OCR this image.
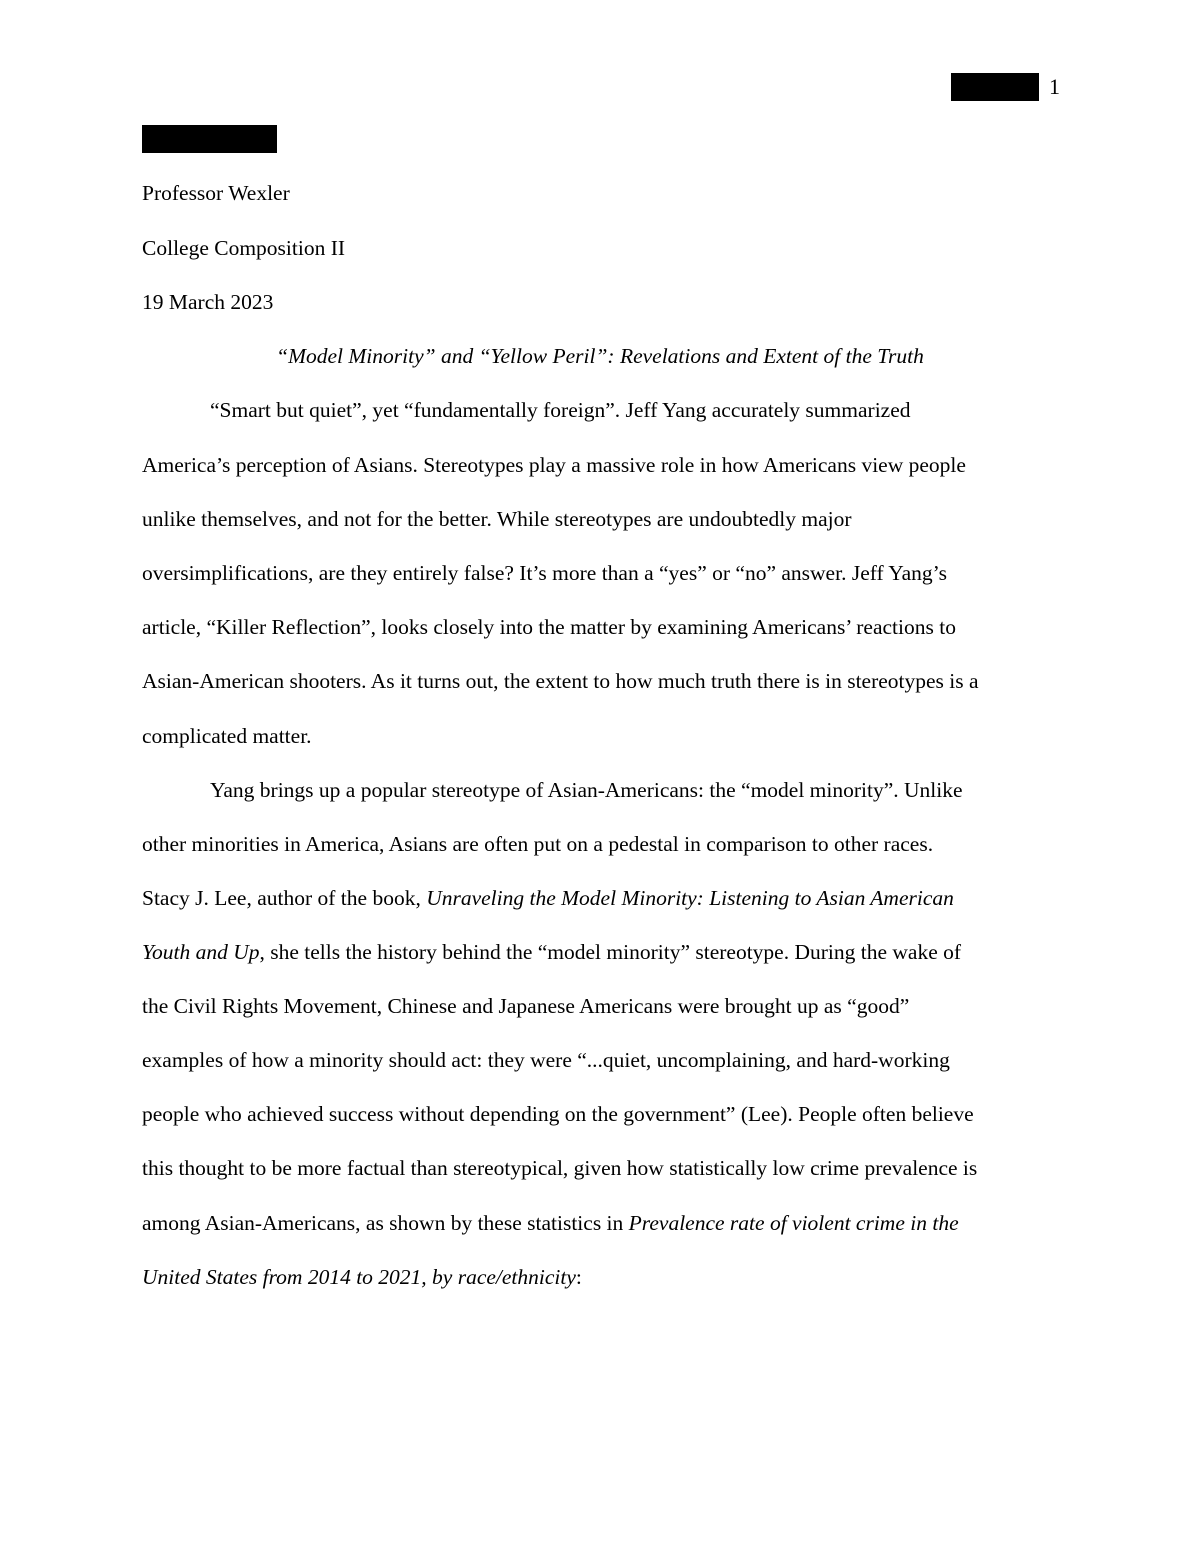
1
Professor Wexler
College Composition II
19 March 2023
“Model Minority” and “Yellow Peril”: Revelations and Extent of the Truth
“Smart but quiet”, yet “fundamentally foreign”. Jeff Yang accurately summarized
America’s perception of Asians. Stereotypes play a massive role in how Americans view people
unlike themselves, and not for the better. While stereotypes are undoubtedly major
oversimplifications, are they entirely false? It’s more than a “yes” or “no” answer. Jeff Yang’s
article, “Killer Reflection”, looks closely into the matter by examining Americans’ reactions to
Asian-American shooters. As it turns out, the extent to how much truth there is in stereotypes is a
complicated matter.
Yang brings up a popular stereotype of Asian-Americans: the “model minority”. Unlike
other minorities in America, Asians are often put on a pedestal in comparison to other races.
Stacy J. Lee, author of the book, Unraveling the Model Minority: Listening to Asian American
Youth and Up, she tells the history behind the “model minority” stereotype. During the wake of
the Civil Rights Movement, Chinese and Japanese Americans were brought up as “good”
examples of how a minority should act: they were “...quiet, uncomplaining, and hard-working
people who achieved success without depending on the government” (Lee). People often believe
this thought to be more factual than stereotypical, given how statistically low crime prevalence is
among Asian-Americans, as shown by these statistics in Prevalence rate of violent crime in the
United States from 2014 to 2021, by race/ethnicity:
